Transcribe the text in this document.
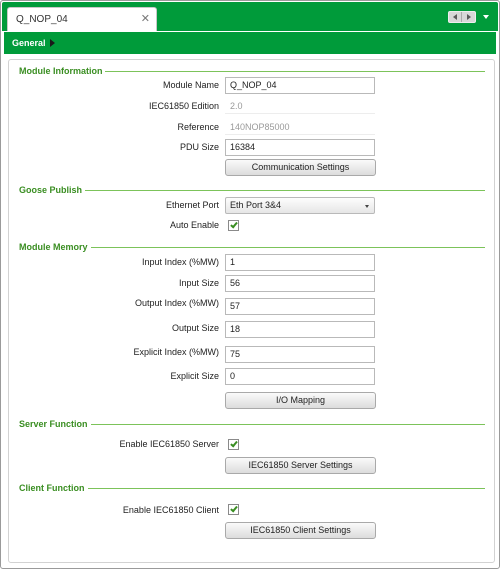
Q_NOP_04	✕
General
Module Information
Module Name	Q_NOP_04
IEC61850 Edition 2.0
Reference 140NOP85000
PDU Size	16384
Communication Settings
Goose Publish
Ethernet Port	Eth Port 3&4
Auto Enable
Module Memory
Input Index (%MW)	1
Input Size	56
Output Index (%MW)	57
Output Size	18
Explicit Index (%MW)	75
Explicit Size	0
I/O Mapping
Server Function
Enable IEC61850 Server
IEC61850 Server Settings
Client Function
Enable IEC61850 Client
IEC61850 Client Settings
